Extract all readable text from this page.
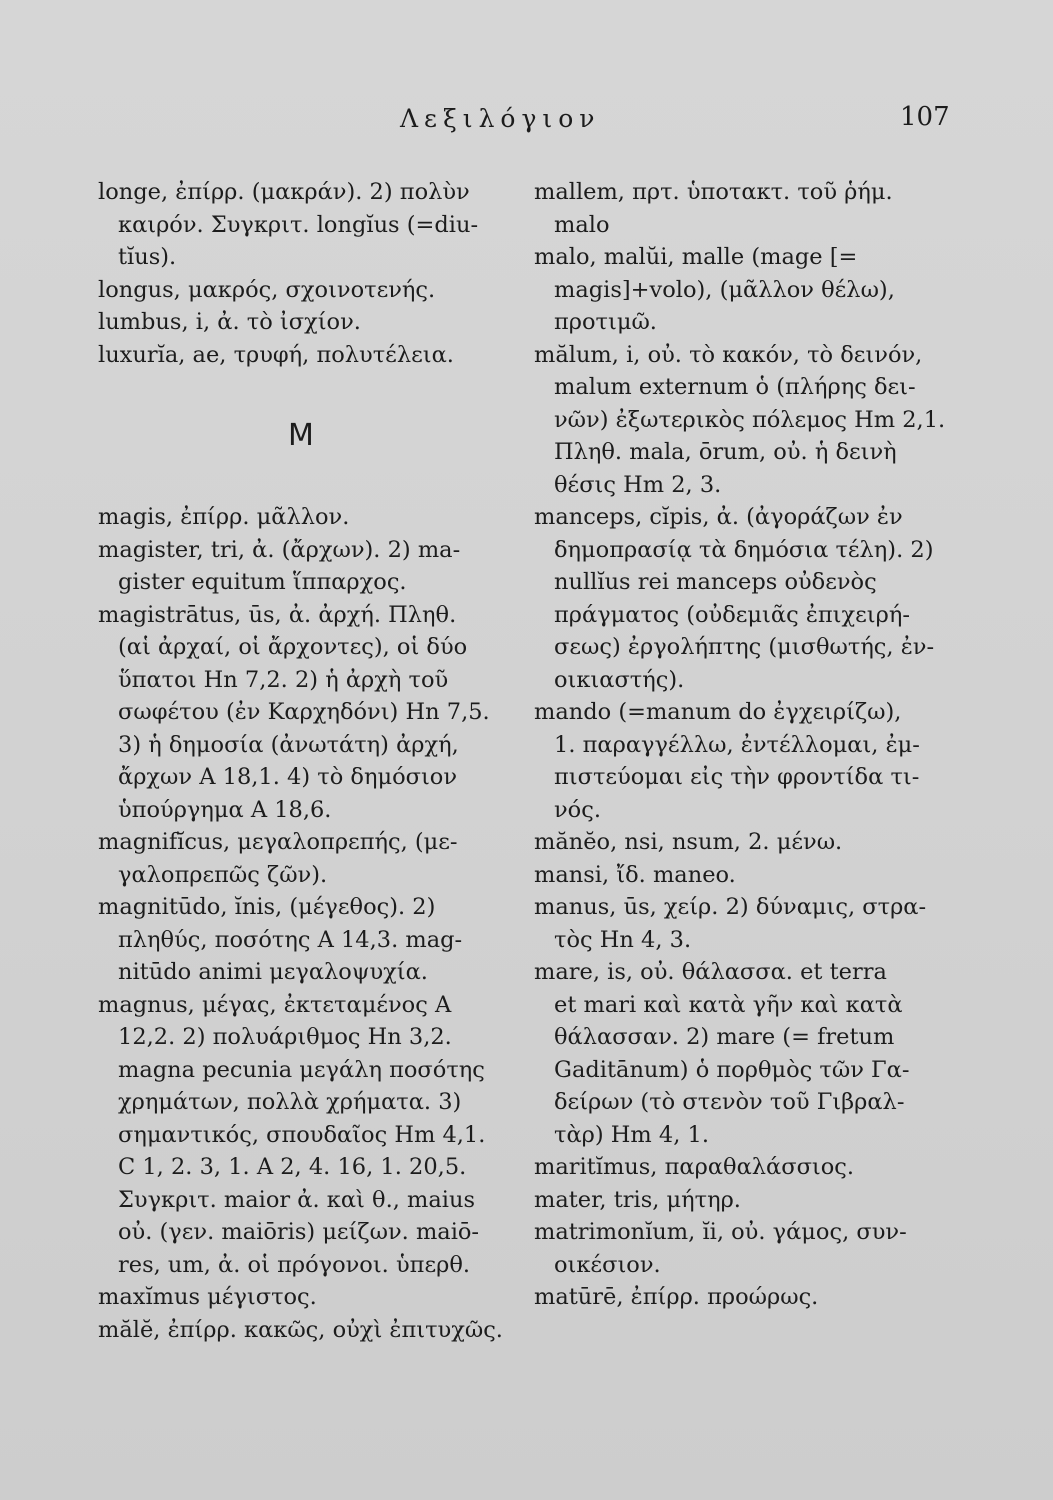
Λεξιλόγιον	107
longe, ἐπίρρ. (μακράν). 2) πολὺν
καιρόν. Συγκριτ. longĭus (=diu-
tĭus).
longus, μακρός, σχοινοτενής.
lumbus, i, ἀ. τὸ ἰσχίον.
luxurĭa, ae, τρυφή, πολυτέλεια.
M
magis, ἐπίρρ. μᾶλλον.
magister, tri, ἀ. (ἄρχων). 2) ma-
gister equitum ἵππαρχος.
magistrātus, ūs, ἀ. ἀρχή. Πληθ.
(αἱ ἀρχαί, οἱ ἄρχοντες), οἱ δύο
ὕπατοι Hn 7,2. 2) ἡ ἀρχὴ τοῦ
σωφέτου (ἐν Καρχηδόνι) Hn 7,5.
3) ἡ δημοσία (ἀνωτάτη) ἀρχή,
ἄρχων A 18,1. 4) τὸ δημόσιον
ὑπούργημα A 18,6.
magnifĭcus, μεγαλοπρεπής, (με-
γαλοπρεπῶς ζῶν).
magnitūdo, ĭnis, (μέγεθος). 2)
πληθύς, ποσότης A 14,3. mag-
nitūdo animi μεγαλοψυχία.
magnus, μέγας, ἐκτεταμένος A
12,2. 2) πολυάριθμος Hn 3,2.
magna pecunia μεγάλη ποσότης
χρημάτων, πολλὰ χρήματα. 3)
σημαντικός, σπουδαῖος Hm 4,1.
C 1, 2. 3, 1. A 2, 4. 16, 1. 20,5.
Συγκριτ. maior ἀ. καὶ θ., maius
οὐ. (γεν. maiōris) μείζων. maiō-
res, um, ἀ. οἱ πρόγονοι. ὑπερθ.
maxĭmus μέγιστος.
mălĕ, ἐπίρρ. κακῶς, οὐχὶ ἐπιτυχῶς.
mallem, πρτ. ὑποτακτ. τοῦ ῥήμ.
malo
malo, malŭi, malle (mage [=
magis]+volo), (μᾶλλον θέλω),
προτιμῶ.
mălum, i, οὐ. τὸ κακόν, τὸ δεινόν,
malum externum ὁ (πλήρης δει-
νῶν) ἐξωτερικὸς πόλεμος Hm 2,1.
Πληθ. mala, ōrum, οὐ. ἡ δεινὴ
θέσις Hm 2, 3.
manceps, cĭpis, ἀ. (ἀγοράζων ἐν
δημοπρασίᾳ τὰ δημόσια τέλη). 2)
nullĭus rei manceps οὐδενὸς
πράγματος (οὐδεμιᾶς ἐπιχειρή-
σεως) ἐργολήπτης (μισθωτής, ἐν-
οικιαστής).
mando (=manum do ἐγχειρίζω),
1. παραγγέλλω, ἐντέλλομαι, ἐμ-
πιστεύομαι εἰς τὴν φροντίδα τι-
νός.
mănĕo, nsi, nsum, 2. μένω.
mansi, ἴδ. maneo.
manus, ūs, χείρ. 2) δύναμις, στρα-
τὸς Hn 4, 3.
mare, is, οὐ. θάλασσα. et terra
et mari καὶ κατὰ γῆν καὶ κατὰ
θάλασσαν. 2) mare (= fretum
Gaditānum) ὁ πορθμὸς τῶν Γα-
δείρων (τὸ στενὸν τοῦ Γιβραλ-
τὰρ) Hm 4, 1.
maritĭmus, παραθαλάσσιος.
mater, tris, μήτηρ.
matrimonĭum, ĭi, οὐ. γάμος, συν-
οικέσιον.
matūrē, ἐπίρρ. προώρως.
